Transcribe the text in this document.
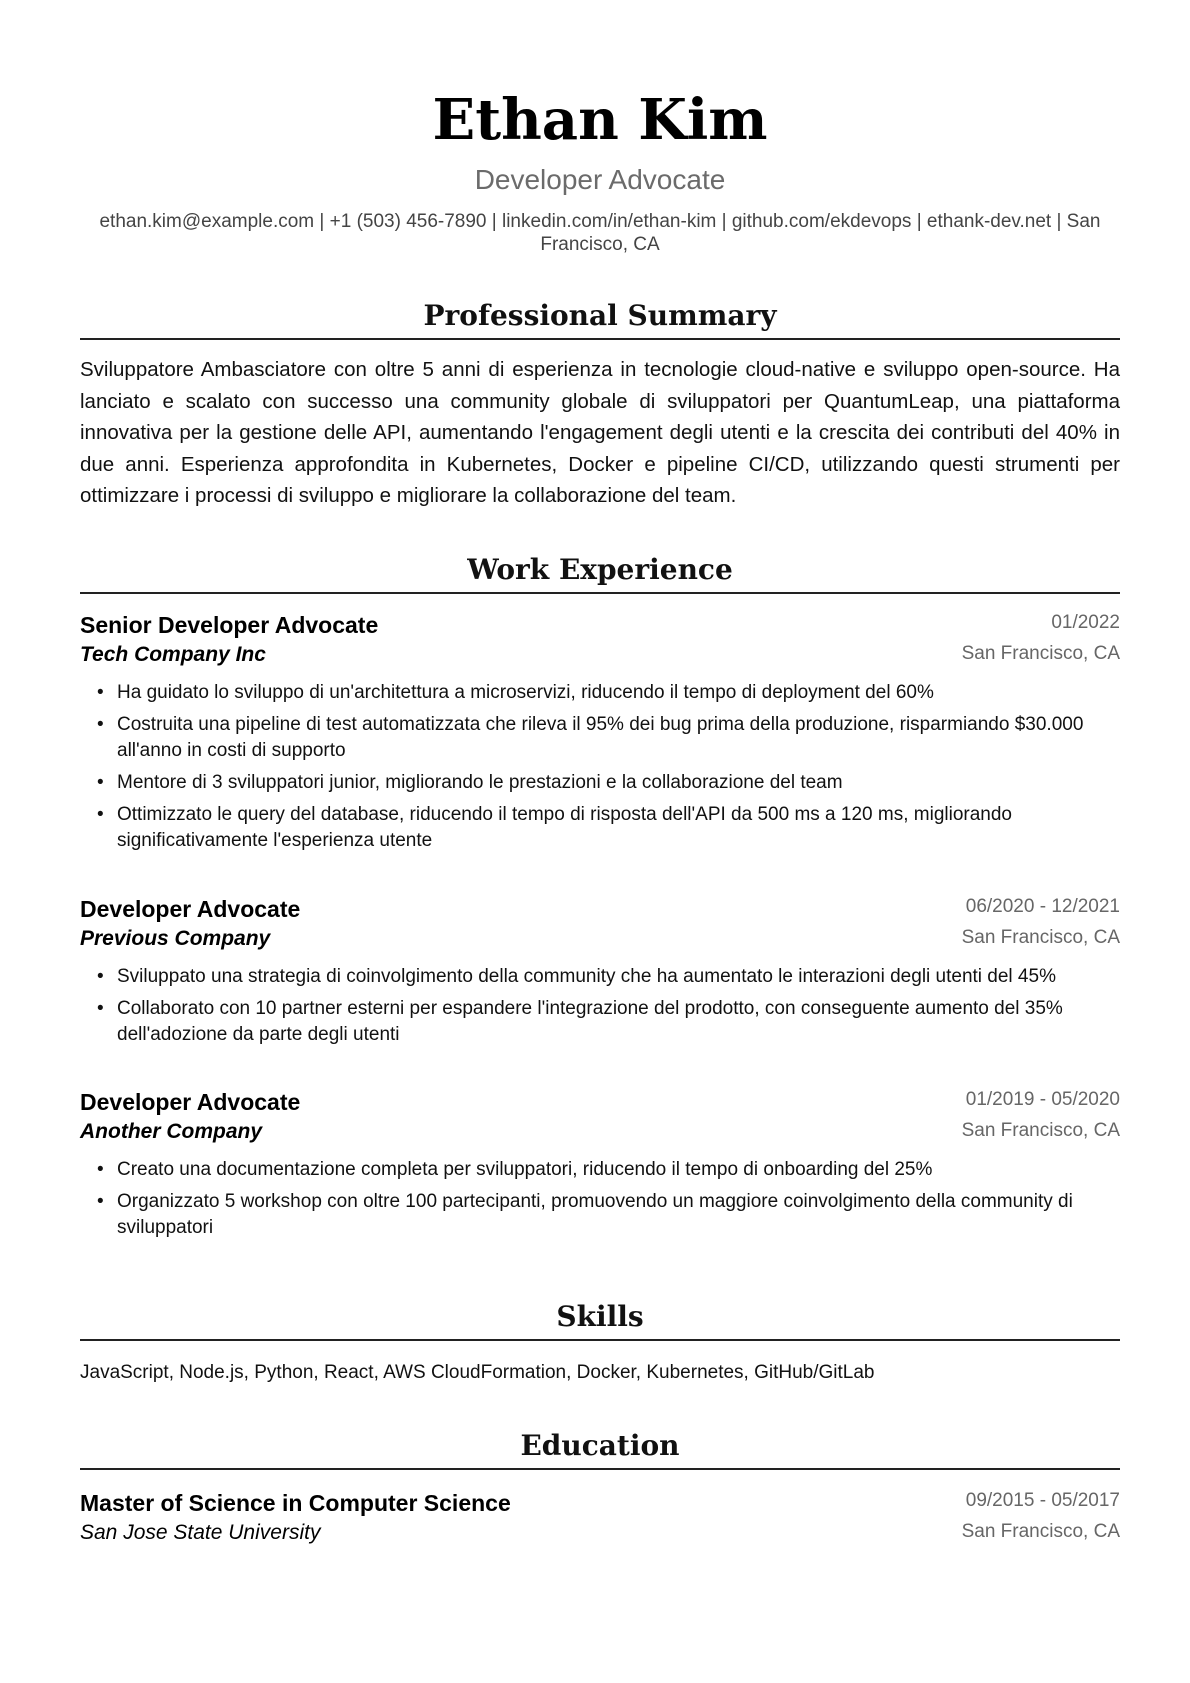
Ethan Kim
Developer Advocate
ethan.kim@example.com | +1 (503) 456-7890 | linkedin.com/in/ethan-kim | github.com/ekdevops | ethank-dev.net | San Francisco, CA
Professional Summary

Sviluppatore Ambasciatore con oltre 5 anni di esperienza in tecnologie cloud-native e sviluppo open-source. Ha lanciato e scalato con successo una community globale di sviluppatori per QuantumLeap, una piattaforma innovativa per la gestione delle API, aumentando l'engagement degli utenti e la crescita dei contributi del 40% in due anni. Esperienza approfondita in Kubernetes, Docker e pipeline CI/CD, utilizzando questi strumenti per ottimizzare i processi di sviluppo e migliorare la collaborazione del team.

Work Experience
Senior Developer Advocate	01/2022
Tech Company Inc	San Francisco, CA
• Ha guidato lo sviluppo di un'architettura a microservizi, riducendo il tempo di deployment del 60%
• Costruita una pipeline di test automatizzata che rileva il 95% dei bug prima della produzione, risparmiando $30.000 all'anno in costi di supporto
• Mentore di 3 sviluppatori junior, migliorando le prestazioni e la collaborazione del team
• Ottimizzato le query del database, riducendo il tempo di risposta dell'API da 500 ms a 120 ms, migliorando significativamente l'esperienza utente
Developer Advocate	06/2020 - 12/2021
Previous Company	San Francisco, CA
• Sviluppato una strategia di coinvolgimento della community che ha aumentato le interazioni degli utenti del 45%
• Collaborato con 10 partner esterni per espandere l'integrazione del prodotto, con conseguente aumento del 35% dell'adozione da parte degli utenti
Developer Advocate	01/2019 - 05/2020
Another Company	San Francisco, CA
• Creato una documentazione completa per sviluppatori, riducendo il tempo di onboarding del 25%
• Organizzato 5 workshop con oltre 100 partecipanti, promuovendo un maggiore coinvolgimento della community di sviluppatori
Skills
JavaScript, Node.js, Python, React, AWS CloudFormation, Docker, Kubernetes, GitHub/GitLab
Education
Master of Science in Computer Science	09/2015 - 05/2017
San Jose State University	San Francisco, CA
